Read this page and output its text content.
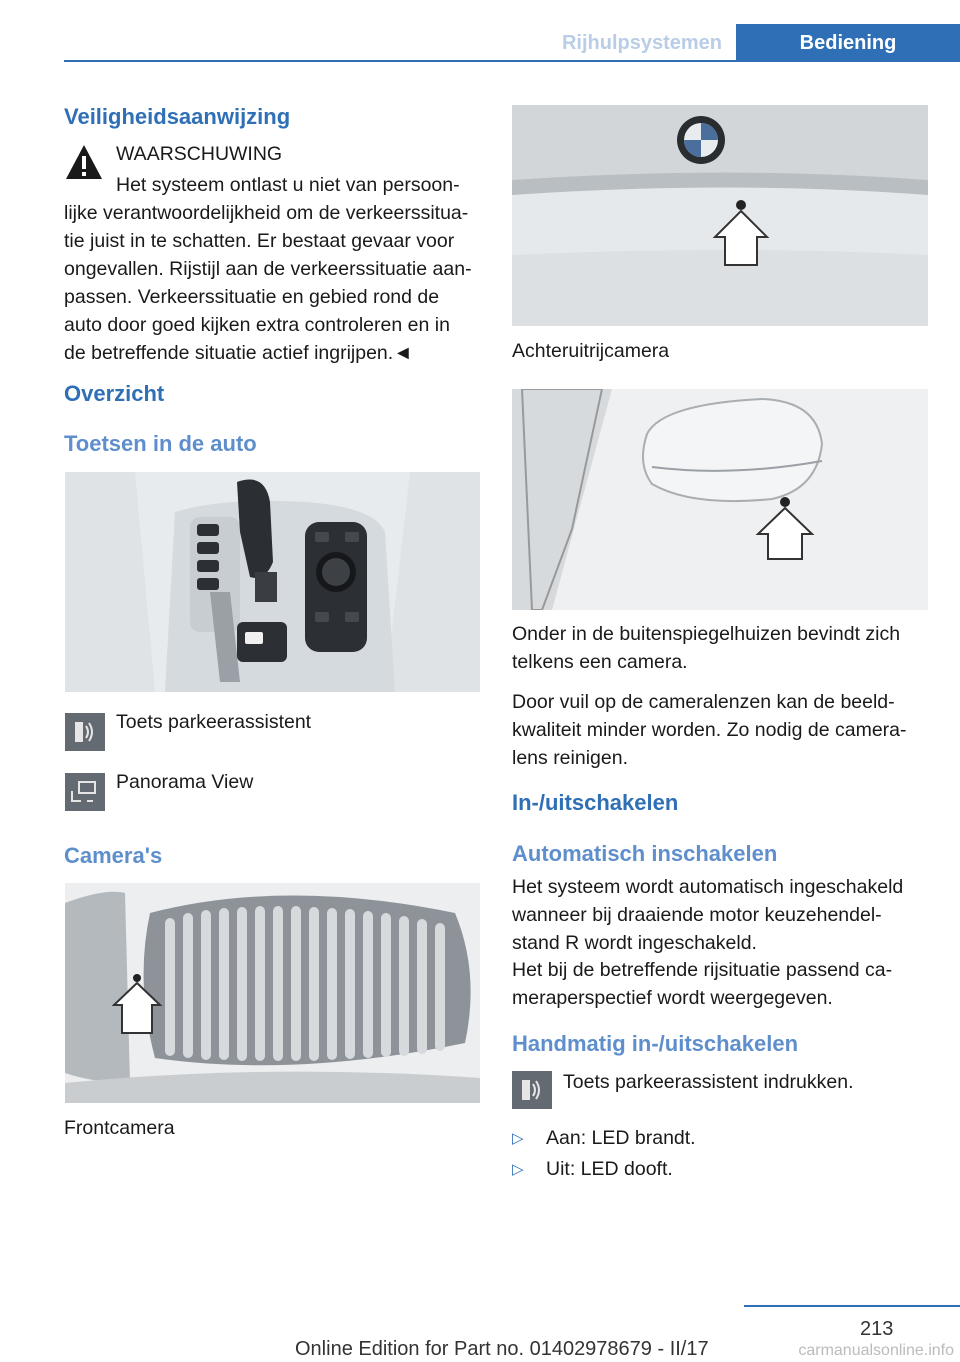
Rijhulpsystemen	Bediening
Veiligheidsaanwijzing

WAARSCHUWING

Het systeem ontlast u niet van persoon‐

lijke verantwoordelijkheid om de verkeerssitua‐

tie juist in te schatten. Er bestaat gevaar voor

ongevallen. Rijstijl aan de verkeerssituatie aan‐

passen. Verkeerssituatie en gebied rond de

auto door goed kijken extra controleren en in

de betreffende situatie actief ingrijpen.◄

Overzicht
Toetsen in de auto

Toets parkeerassistent

Panorama View

Camera's

Frontcamera

Achteruitrijcamera

Onder in de buitenspiegelhuizen bevindt zich

telkens een camera.

Door vuil op de cameralenzen kan de beeld‐

kwaliteit minder worden. Zo nodig de camera‐

lens reinigen.

In-/uitschakelen
Automatisch inschakelen

Het systeem wordt automatisch ingeschakeld

wanneer bij draaiende motor keuzehendel‐

stand R wordt ingeschakeld.

Het bij de betreffende rijsituatie passend ca‐

meraperspectief wordt weergegeven.

Handmatig in-/uitschakelen

Toets parkeerassistent indrukken.

▷	Aan: LED brandt.
▷	Uit: LED dooft.
213
Online Edition for Part no. 01402978679 - II/17	carmanualsonline.info
